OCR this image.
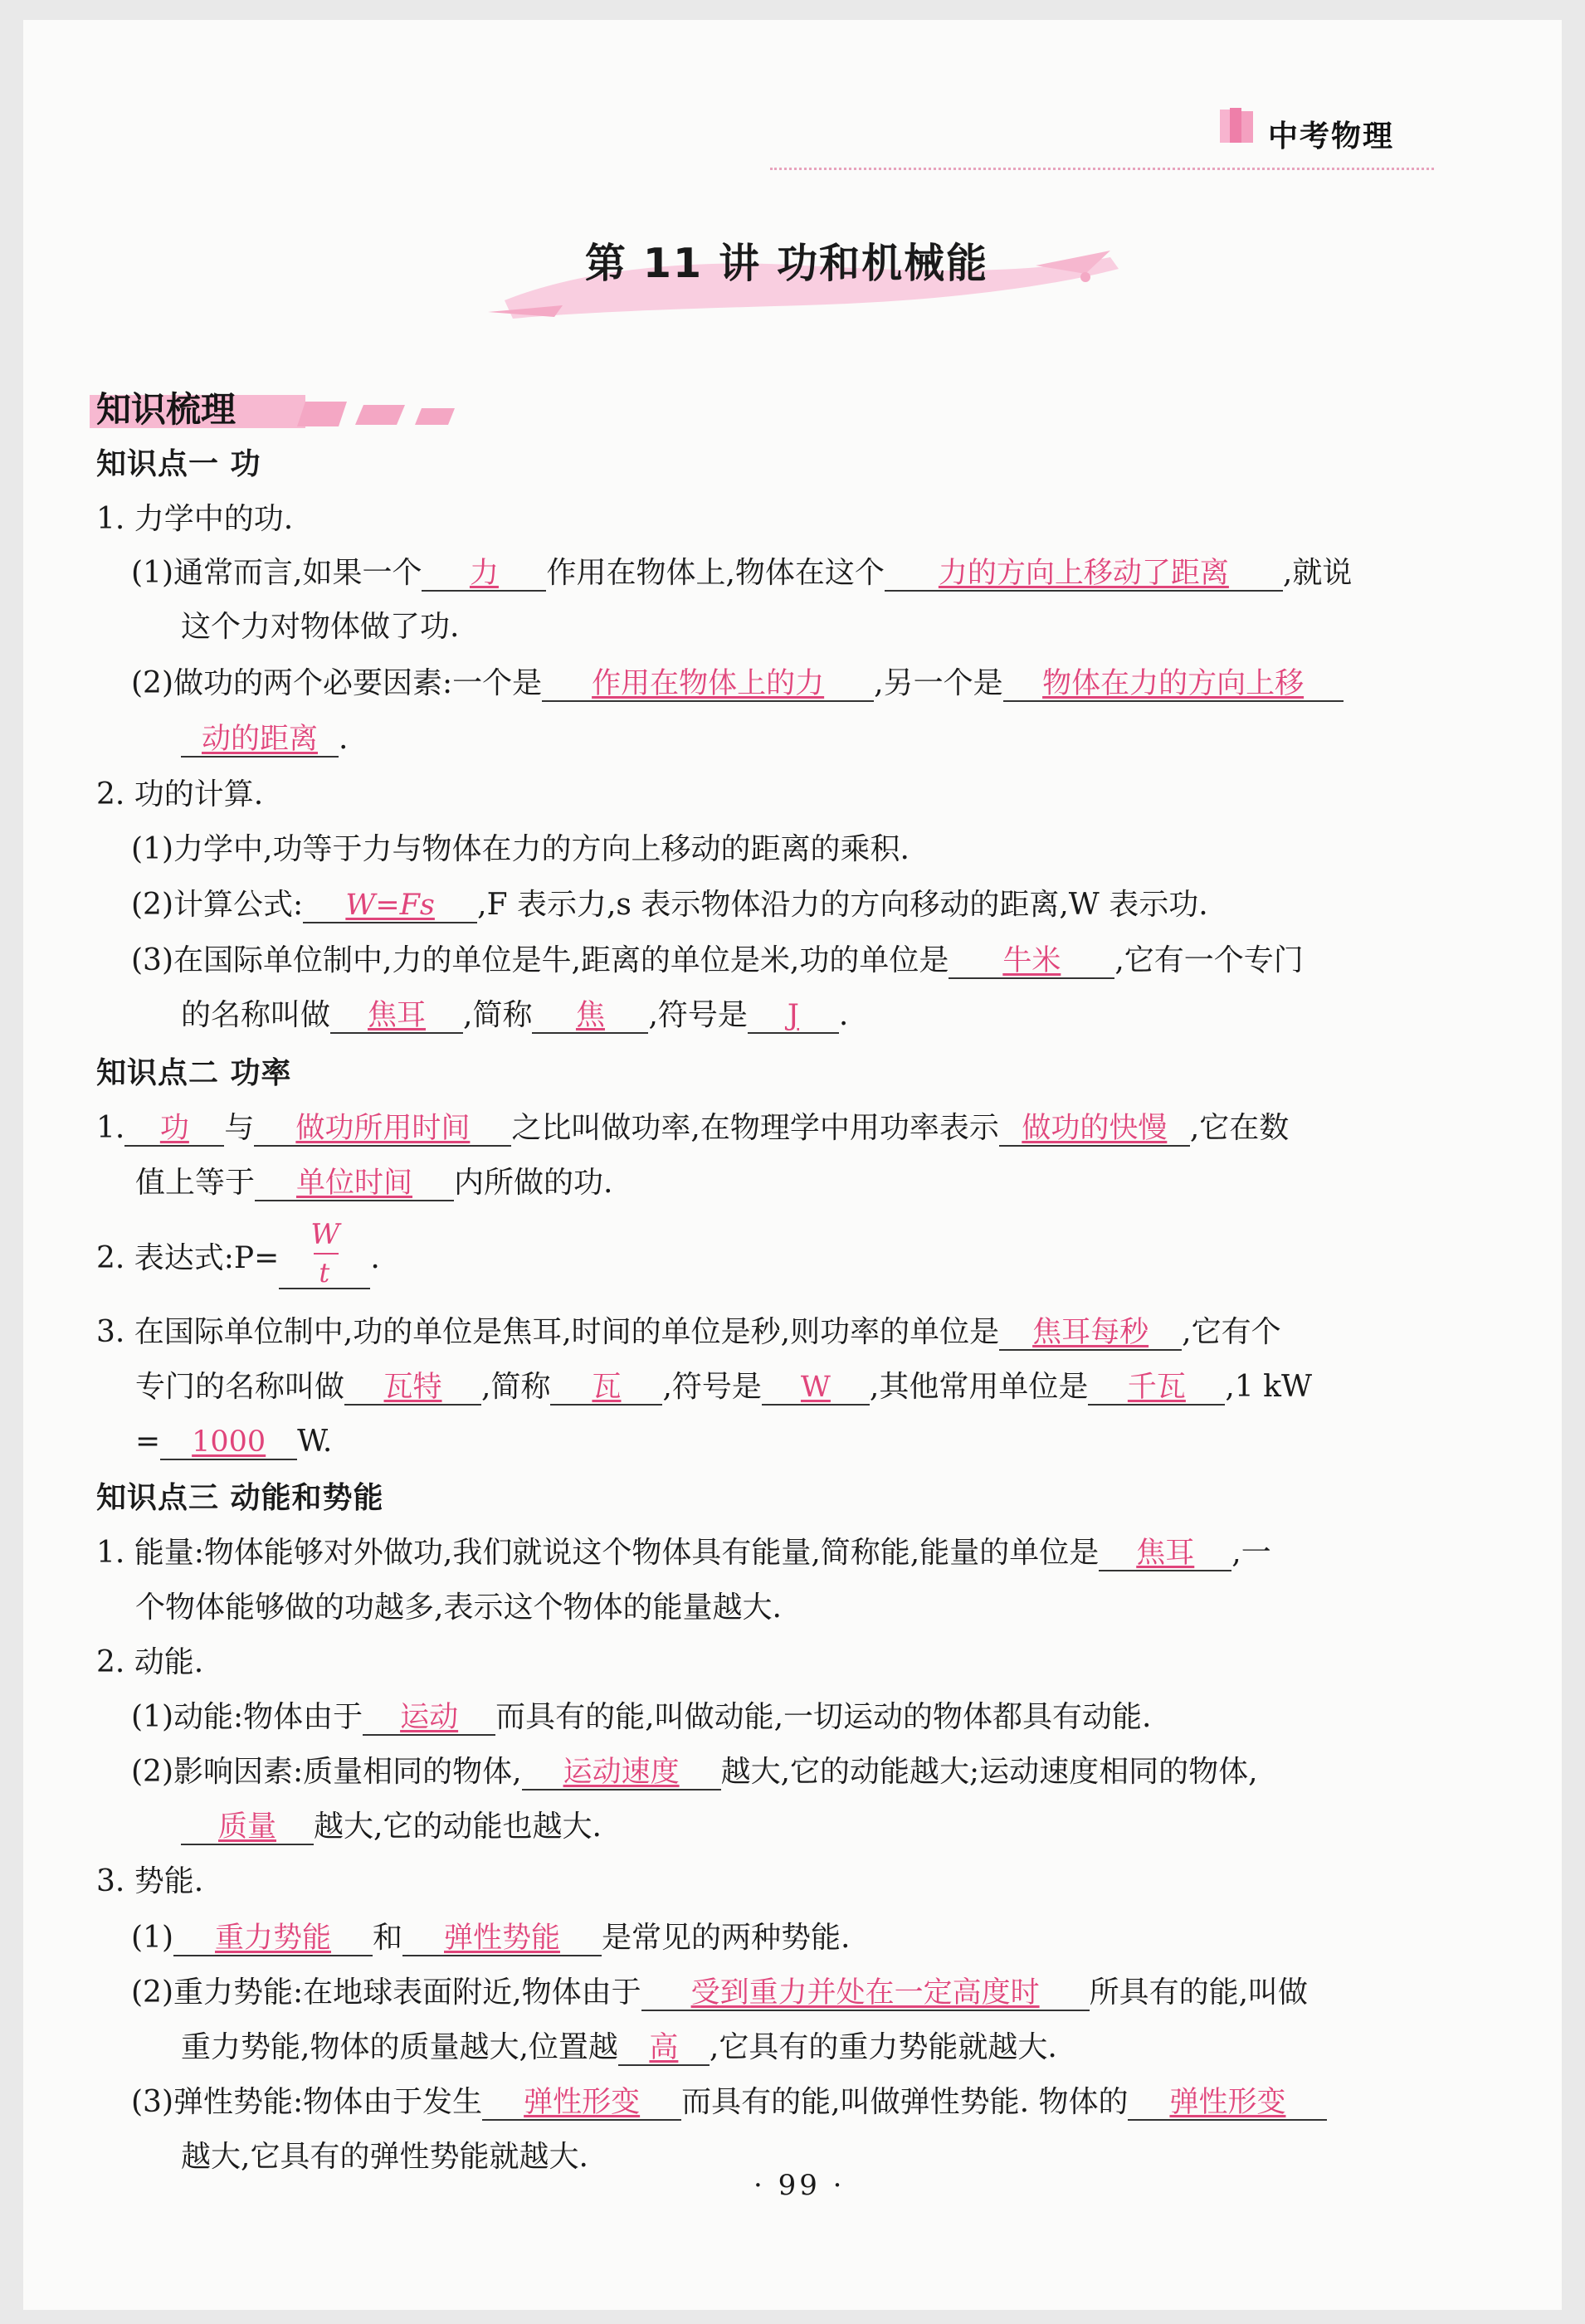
中考物理
第 11 讲 功和机械能
知识梳理
知识点一 功
1. 力学中的功.
(1)通常而言,如果一个 力 作用在物体上,物体在这个 力的方向上移动了距离 ,就说
这个力对物体做了功.
(2)做功的两个必要因素:一个是 作用在物体上的力 ,另一个是 物体在力的方向上移
动的距离 .
2. 功的计算.
(1)力学中,功等于力与物体在力的方向上移动的距离的乘积.
(2)计算公式: W=Fs ,F 表示力,s 表示物体沿力的方向移动的距离,W 表示功.
(3)在国际单位制中,力的单位是牛,距离的单位是米,功的单位是 牛米 ,它有一个专门
的名称叫做 焦耳 ,简称 焦 ,符号是 J .
知识点二 功率
1. 功 与 做功所用时间 之比叫做功率,在物理学中用功率表示 做功的快慢 ,它在数
值上等于 单位时间 内所做的功.
2. 表达式:P= $\frac{W}{t}$ .
3. 在国际单位制中,功的单位是焦耳,时间的单位是秒,则功率的单位是 焦耳每秒 ,它有个
专门的名称叫做 瓦特 ,简称 瓦 ,符号是 W ,其他常用单位是 千瓦 ,1 kW
= 1000 W.
知识点三 动能和势能
1. 能量:物体能够对外做功,我们就说这个物体具有能量,简称能,能量的单位是 焦耳 ,一
个物体能够做的功越多,表示这个物体的能量越大.
2. 动能.
(1)动能:物体由于 运动 而具有的能,叫做动能,一切运动的物体都具有动能.
(2)影响因素:质量相同的物体, 运动速度 越大,它的动能越大;运动速度相同的物体,
质量 越大,它的动能也越大.
3. 势能.
(1) 重力势能 和 弹性势能 是常见的两种势能.
(2)重力势能:在地球表面附近,物体由于 受到重力并处在一定高度时 所具有的能,叫做
重力势能,物体的质量越大,位置越 高 ,它具有的重力势能就越大.
(3)弹性势能:物体由于发生 弹性形变 而具有的能,叫做弹性势能. 物体的 弹性形变
越大,它具有的弹性势能就越大.
· 99 ·
